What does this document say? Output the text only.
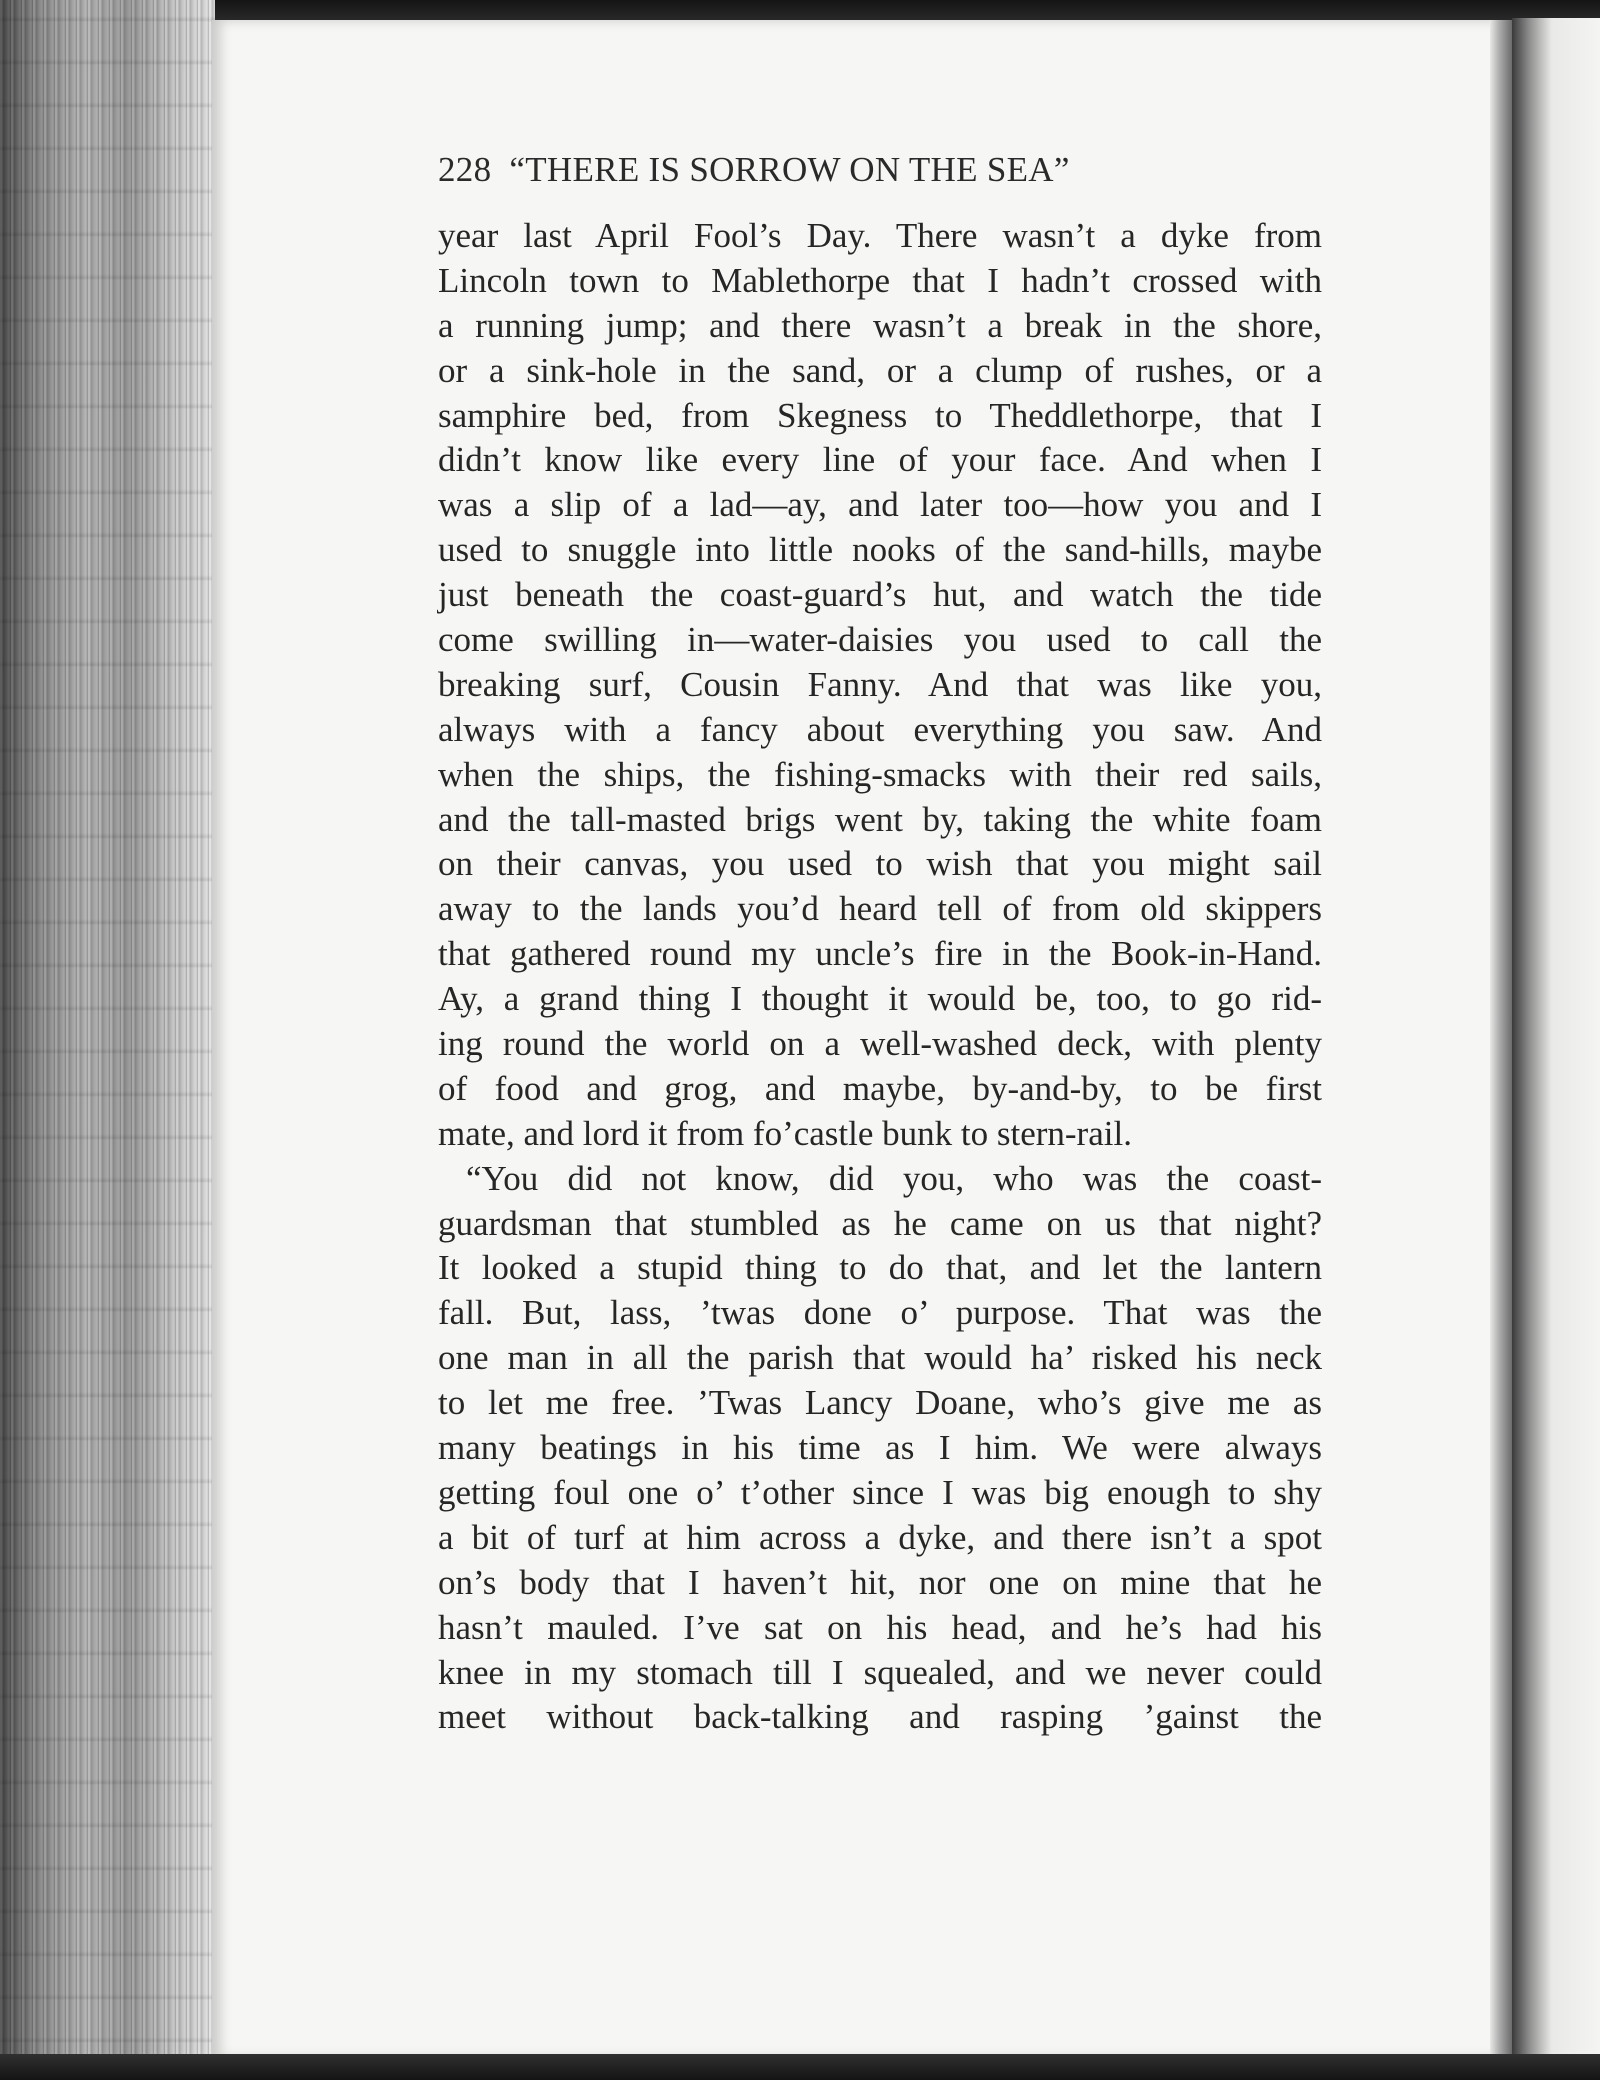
228 “THERE IS SORROW ON THE SEA”
year last April Fool’s Day. There wasn’t a dyke from
Lincoln town to Mablethorpe that I hadn’t crossed with
a running jump; and there wasn’t a break in the shore,
or a sink-hole in the sand, or a clump of rushes, or a
samphire bed, from Skegness to Theddlethorpe, that I
didn’t know like every line of your face. And when I
was a slip of a lad—ay, and later too—how you and I
used to snuggle into little nooks of the sand-hills, maybe
just beneath the coast-guard’s hut, and watch the tide
come swilling in—water-daisies you used to call the
breaking surf, Cousin Fanny. And that was like you,
always with a fancy about everything you saw. And
when the ships, the fishing-smacks with their red sails,
and the tall-masted brigs went by, taking the white foam
on their canvas, you used to wish that you might sail
away to the lands you’d heard tell of from old skippers
that gathered round my uncle’s fire in the Book-in-Hand.
Ay, a grand thing I thought it would be, too, to go rid-
ing round the world on a well-washed deck, with plenty
of food and grog, and maybe, by-and-by, to be first
mate, and lord it from fo’castle bunk to stern-rail.
“You did not know, did you, who was the coast-
guardsman that stumbled as he came on us that night?
It looked a stupid thing to do that, and let the lantern
fall. But, lass, ’twas done o’ purpose. That was the
one man in all the parish that would ha’ risked his neck
to let me free. ’Twas Lancy Doane, who’s give me as
many beatings in his time as I him. We were always
getting foul one o’ t’other since I was big enough to shy
a bit of turf at him across a dyke, and there isn’t a spot
on’s body that I haven’t hit, nor one on mine that he
hasn’t mauled. I’ve sat on his head, and he’s had his
knee in my stomach till I squealed, and we never could
meet without back-talking and rasping ’gainst the
